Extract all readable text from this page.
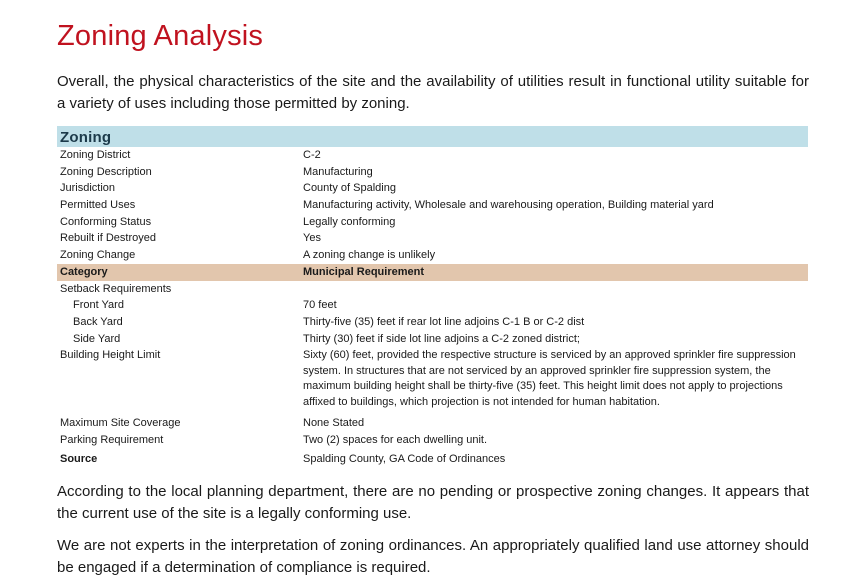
Zoning Analysis

Overall, the physical characteristics of the site and the availability of utilities result in functional utility suitable for a variety of uses including those permitted by zoning.

Zoning
Zoning District	C-2
Zoning Description	Manufacturing
Jurisdiction	County of Spalding
Permitted Uses	Manufacturing activity, Wholesale and warehousing operation, Building material yard
Conforming Status	Legally conforming
Rebuilt if Destroyed	Yes
Zoning Change	A zoning change is unlikely
Category	Municipal Requirement
Setback Requirements
Front Yard	70 feet
Back Yard	Thirty-five (35) feet if rear lot line adjoins C-1 B or C-2 dist
Side Yard	Thirty (30) feet if side lot line adjoins a C-2 zoned district;
Building Height Limit	Sixty (60) feet, provided the respective structure is serviced by an approved sprinkler fire suppression system. In structures that are not serviced by an approved sprinkler fire suppression system, the maximum building height shall be thirty-five (35) feet. This height limit does not apply to projections affixed to buildings, which projection is not intended for human habitation.
Maximum Site Coverage	None Stated
Parking Requirement	Two (2) spaces for each dwelling unit.
Source	Spalding County, GA Code of Ordinances

According to the local planning department, there are no pending or prospective zoning changes. It appears that the current use of the site is a legally conforming use.

We are not experts in the interpretation of zoning ordinances. An appropriately qualified land use attorney should be engaged if a determination of compliance is required.
